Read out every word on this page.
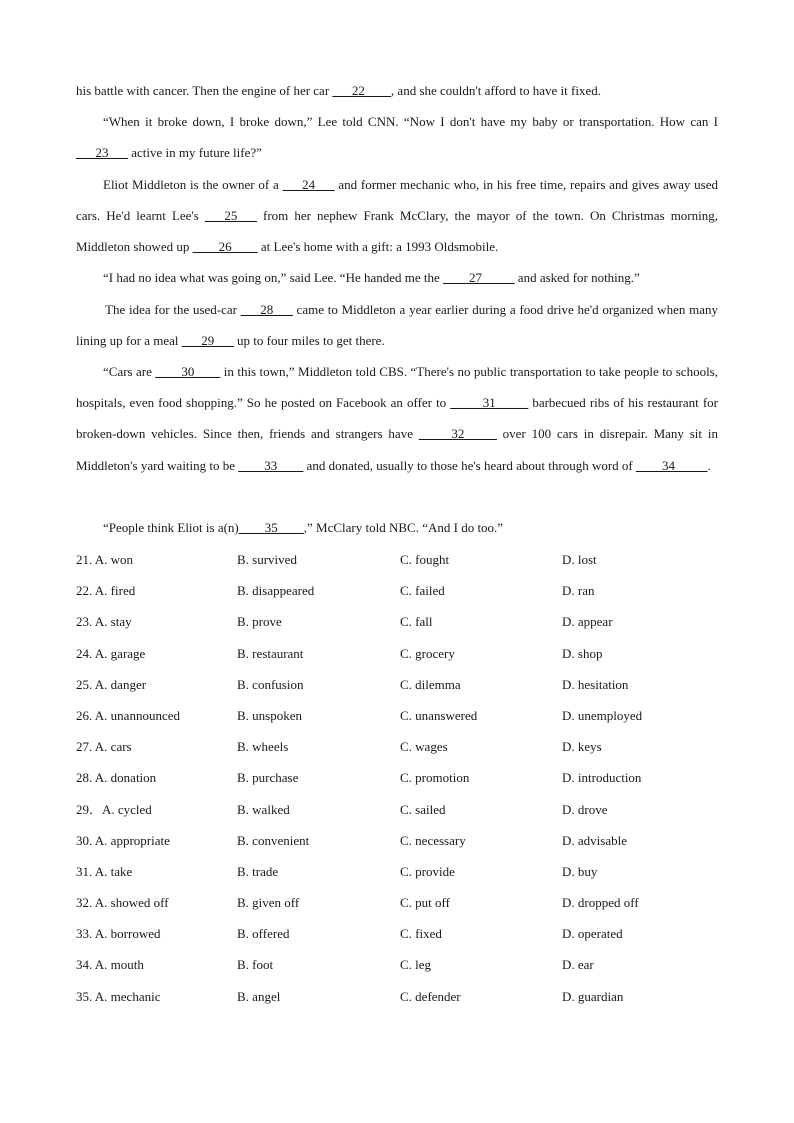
his battle with cancer. Then the engine of her car ___22____, and she couldn't afford to have it fixed.

“When it broke down, I broke down,” Lee told CNN. “Now I don't have my baby or transportation. How can I ___23___ active in my future life?”

Eliot Middleton is the owner of a ___24___ and former mechanic who, in his free time, repairs and gives away used cars. He'd learnt Lee's ___25___ from her nephew Frank McClary, the mayor of the town. On Christmas morning, Middleton showed up ____26____ at Lee's home with a gift: a 1993 Oldsmobile.

“I had no idea what was going on,” said Lee. “He handed me the ____27_____ and asked for nothing.”

The idea for the used-car ___28___ came to Middleton a year earlier during a food drive he'd organized when many lining up for a meal ___29___ up to four miles to get there.

“Cars are ____30____ in this town,” Middleton told CBS. “There's no public transportation to take people to schools, hospitals, even food shopping.” So he posted on Facebook an offer to _____31_____ barbecued ribs of his restaurant for broken-down vehicles. Since then, friends and strangers have _____32_____ over 100 cars in disrepair. Many sit in Middleton's yard waiting to be ____33____ and donated, usually to those he's heard about through word of ____34_____.

“People think Eliot is a(n)____35____,” McClary told NBC. “And I do too.”

21. A. won	B. survived	C. fought	D. lost
22. A. fired	B. disappeared	C. failed	D. ran
23. A. stay	B. prove	C. fall	D. appear
24. A. garage	B. restaurant	C. grocery	D. shop
25. A. danger	B. confusion	C. dilemma	D. hesitation
26. A. unannounced	B. unspoken	C. unanswered	D. unemployed
27. A. cars	B. wheels	C. wages	D. keys
28. A. donation	B. purchase	C. promotion	D. introduction
29．A. cycled	B. walked	C. sailed	D. drove
30. A. appropriate	B. convenient	C. necessary	D. advisable
31. A. take	B. trade	C. provide	D. buy
32. A. showed off	B. given off	C. put off	D. dropped off
33. A. borrowed	B. offered	C. fixed	D. operated
34. A. mouth	B. foot	C. leg	D. ear
35. A. mechanic	B. angel	C. defender	D. guardian
